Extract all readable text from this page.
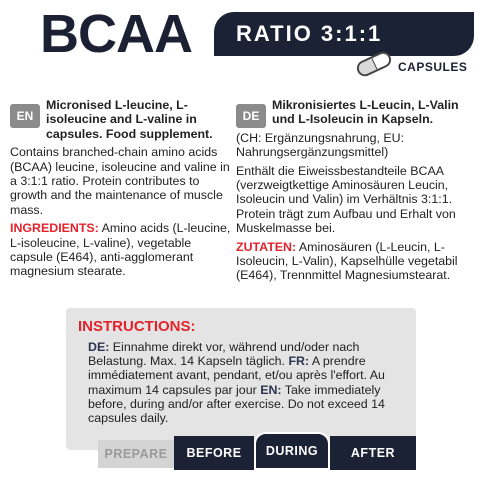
BCAA	RATIO 3:1:1
CAPSULES
EN
Micronised L-leucine, L-isoleucine and L-valine in capsules. Food supplement.
Contains branched-chain amino acids (BCAA) leucine, isoleucine and valine in a 3:1:1 ratio. Protein contributes to growth and the maintenance of muscle mass.
INGREDIENTS: Amino acids (L-leucine, L-isoleucine, L-valine), vegetable capsule (E464), anti-agglomerant magnesium stearate.
DE
Mikronisiertes L-Leucin, L-Valin und L-Isoleucin in Kapseln.
(CH: Ergänzungsnahrung, EU: Nahrungsergänzungsmittel)
Enthält die Eiweissbestandteile BCAA (verzweigtkettige Aminosäuren Leucin, Isoleucin und Valin) im Verhältnis 3:1:1. Protein trägt zum Aufbau und Erhalt von Muskelmasse bei.
ZUTATEN: Aminosäuren (L-Leucin, L-Isoleucin, L-Valin), Kapselhülle vegetabil (E464), Trennmittel Magnesiumstearat.
INSTRUCTIONS:
DE: Einnahme direkt vor, während und/oder nach Belastung. Max. 14 Kapseln täglich. FR: A prendre immédiatement avant, pendant, et/ou après l'effort. Au maximum 14 capsules par jour EN: Take immediately before, during and/or after exercise. Do not exceed 14 capsules daily.
PREPARE	BEFORE	DURING	AFTER
